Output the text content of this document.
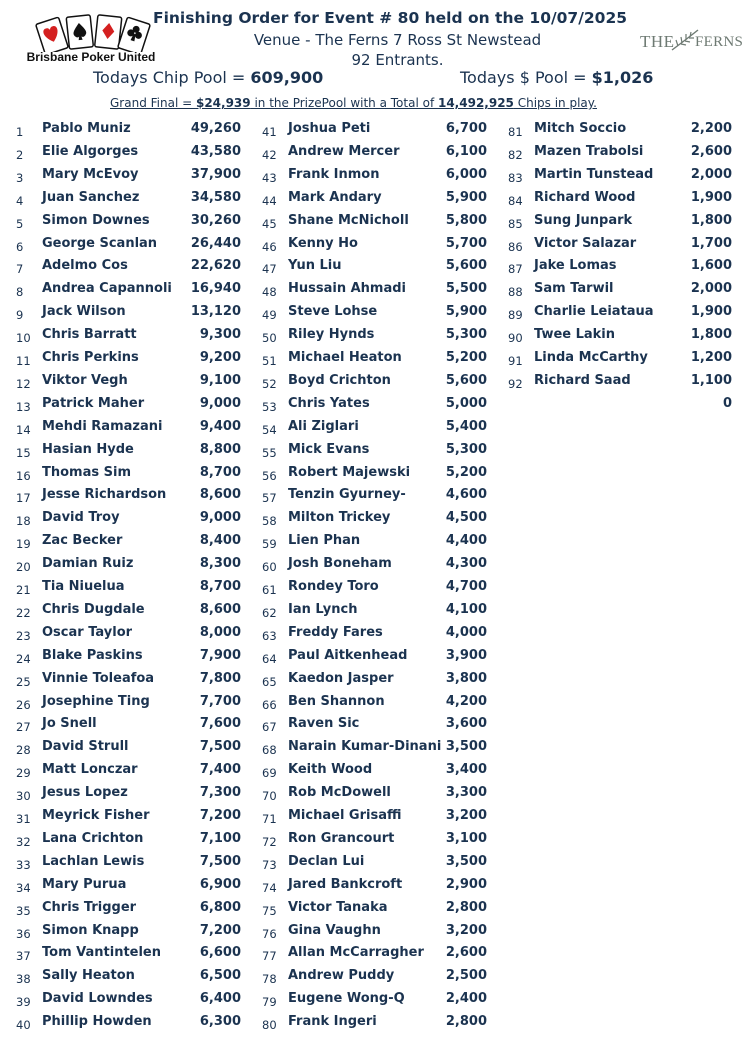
Brisbane Poker United
THE FERNS
Finishing Order for Event # 80 held on the 10/07/2025
Venue - The Ferns 7 Ross St Newstead
92 Entrants.
Todays Chip Pool = 609,900	Todays $ Pool = $1,026
Grand Final = $24,939 in the PrizePool with a Total of 14,492,925 Chips in play.
1 Pablo Muniz	49,260
2 Elie Algorges	43,580
3 Mary McEvoy	37,900
4 Juan Sanchez	34,580
5 Simon Downes	30,260
6 George Scanlan	26,440
7 Adelmo Cos	22,620
8 Andrea Capannoli	16,940
9 Jack Wilson	13,120
10 Chris Barratt	9,300
11 Chris Perkins	9,200
12 Viktor Vegh	9,100
13 Patrick Maher	9,000
14 Mehdi Ramazani	9,400
15 Hasian Hyde	8,800
16 Thomas Sim	8,700
17 Jesse Richardson	8,600
18 David Troy	9,000
19 Zac Becker	8,400
20 Damian Ruiz	8,300
21 Tia Niuelua	8,700
22 Chris Dugdale	8,600
23 Oscar Taylor	8,000
24 Blake Paskins	7,900
25 Vinnie Toleafoa	7,800
26 Josephine Ting	7,700
27 Jo Snell	7,600
28 David Strull	7,500
29 Matt Lonczar	7,400
30 Jesus Lopez	7,300
31 Meyrick Fisher	7,200
32 Lana Crichton	7,100
33 Lachlan Lewis	7,500
34 Mary Purua	6,900
35 Chris Trigger	6,800
36 Simon Knapp	7,200
37 Tom Vantintelen	6,600
38 Sally Heaton	6,500
39 David Lowndes	6,400
40 Phillip Howden	6,300
41 Joshua Peti	6,700
42 Andrew Mercer	6,100
43 Frank Inmon	6,000
44 Mark Andary	5,900
45 Shane McNicholl	5,800
46 Kenny Ho	5,700
47 Yun Liu	5,600
48 Hussain Ahmadi	5,500
49 Steve Lohse	5,900
50 Riley Hynds	5,300
51 Michael Heaton	5,200
52 Boyd Crichton	5,600
53 Chris Yates	5,000
54 Ali Ziglari	5,400
55 Mick Evans	5,300
56 Robert Majewski	5,200
57 Tenzin Gyurney-	4,600
58 Milton Trickey	4,500
59 Lien Phan	4,400
60 Josh Boneham	4,300
61 Rondey Toro	4,700
62 Ian Lynch	4,100
63 Freddy Fares	4,000
64 Paul Aitkenhead	3,900
65 Kaedon Jasper	3,800
66 Ben Shannon	4,200
67 Raven Sic	3,600
68 Narain Kumar-Dinani 3,500
69 Keith Wood	3,400
70 Rob McDowell	3,300
71 Michael Grisaffi	3,200
72 Ron Grancourt	3,100
73 Declan Lui	3,500
74 Jared Bankcroft	2,900
75 Victor Tanaka	2,800
76 Gina Vaughn	3,200
77 Allan McCarragher	2,600
78 Andrew Puddy	2,500
79 Eugene Wong-Q	2,400
80 Frank Ingeri	2,800
81 Mitch Soccio	2,200
82 Mazen Trabolsi	2,600
83 Martin Tunstead	2,000
84 Richard Wood	1,900
85 Sung Junpark	1,800
86 Victor Salazar	1,700
87 Jake Lomas	1,600
88 Sam Tarwil	2,000
89 Charlie Leiataua	1,900
90 Twee Lakin	1,800
91 Linda McCarthy	1,200
92 Richard Saad	1,100
0
